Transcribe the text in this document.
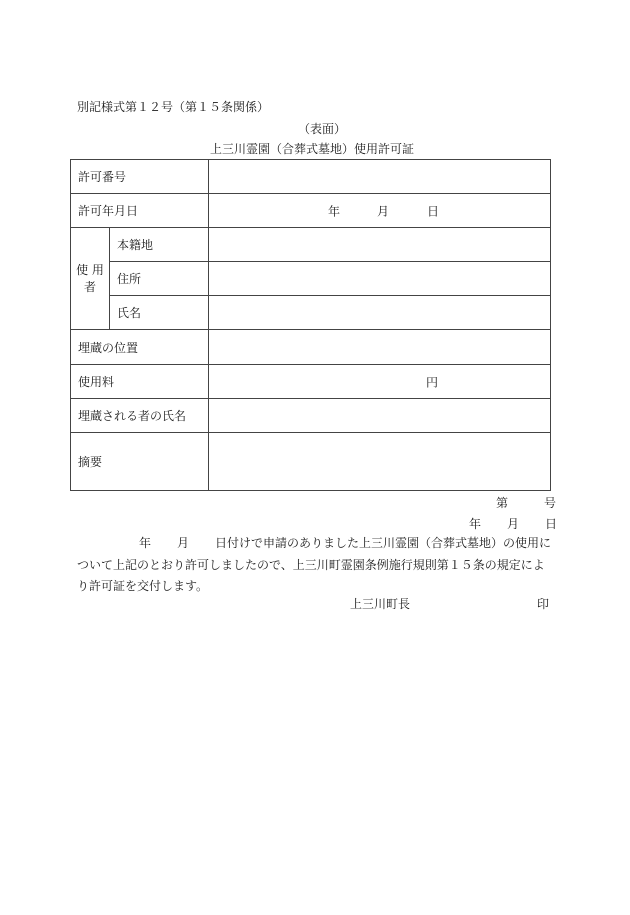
別記様式第１２号（第１５条関係）
（表面）
上三川霊園（合葬式墓地）使用許可証
許可番号		
許可年月日		年 月 日

使 用
者	本籍地	
	住所	
	氏名	
埋蔵の位置		
使用料		円

埋蔵される者の氏名		
摘要		
第	号
年 月 日
年 月 日付けで申請のありました上三川霊園（合葬式墓地）の使用に
ついて上記のとおり許可しましたので、上三川町霊園条例施行規則第１５条の規定によ
り許可証を交付します。
上三川町長	印
